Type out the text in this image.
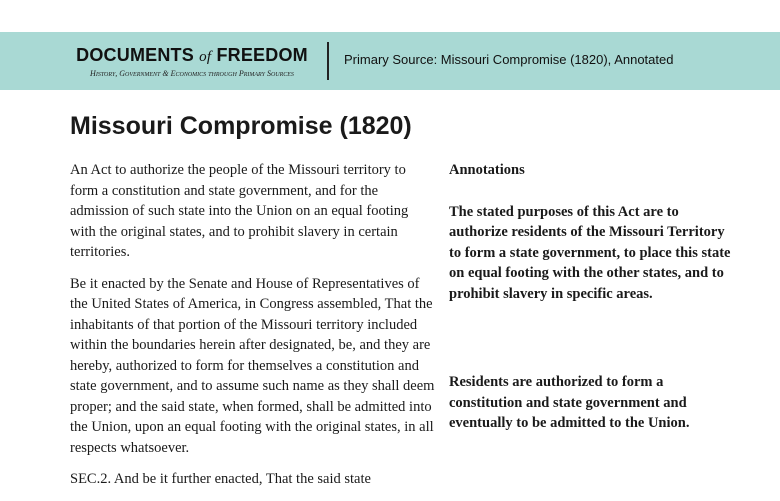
DOCUMENTS of FREEDOM
History, Government & Economics through Primary Sources
Primary Source: Missouri Compromise (1820), Annotated
Missouri Compromise (1820)

An Act to authorize the people of the Missouri territory to form a constitution and state government, and for the admission of such state into the Union on an equal footing with the original states, and to prohibit slavery in certain territories.

Be it enacted by the Senate and House of Representatives of the United States of America, in Congress assembled, That the inhabitants of that portion of the Missouri territory included within the boundaries herein after designated, be, and they are hereby, authorized to form for themselves a constitution and state government, and to assume such name as they shall deem proper; and the said state, when formed, shall be admitted into the Union, upon an equal footing with the original states, in all respects whatsoever.

SEC.2. And be it further enacted, That the said state

Annotations

The stated purposes of this Act are to authorize residents of the Missouri Territory to form a state government, to place this state on equal footing with the other states, and to prohibit slavery in specific areas.

Residents are authorized to form a constitution and state government and eventually to be admitted to the Union.
